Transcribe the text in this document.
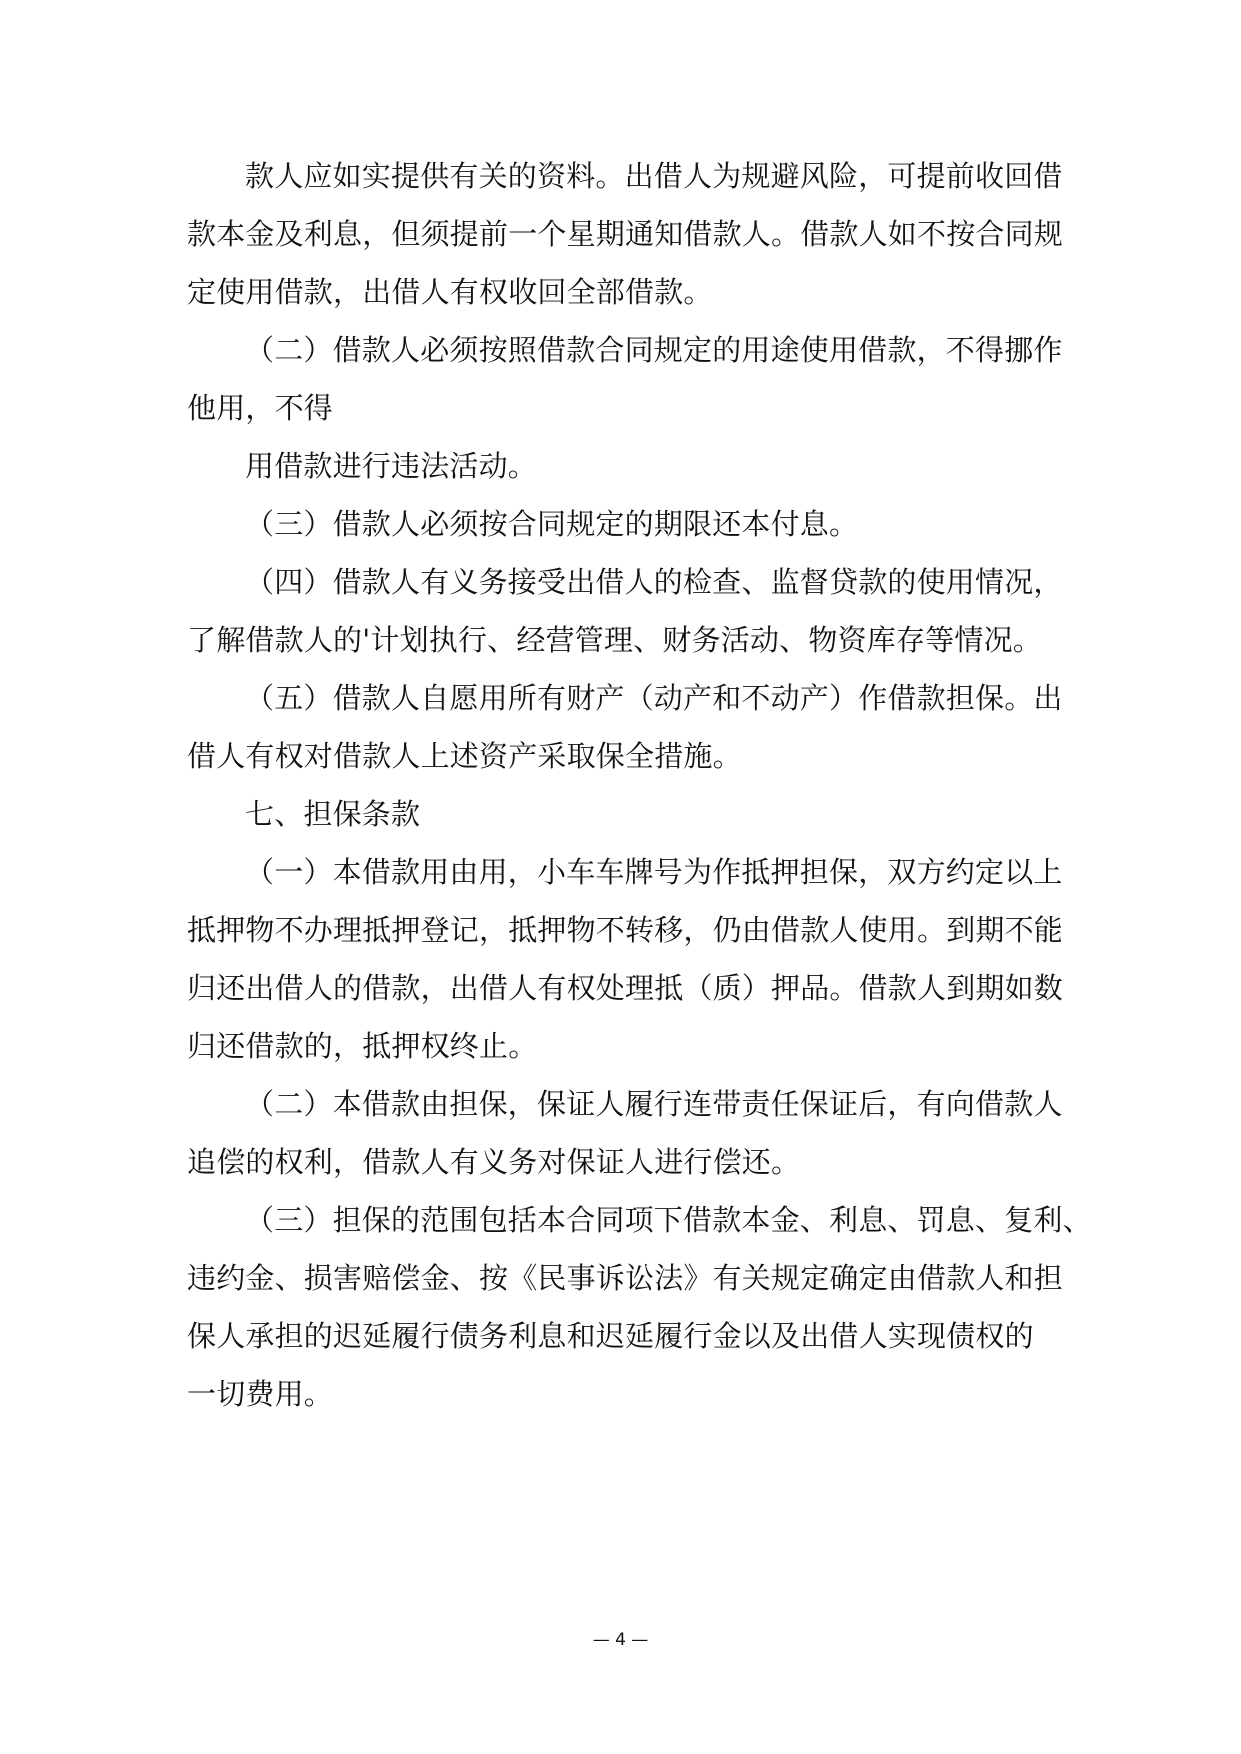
款人应如实提供有关的资料。出借人为规避风险，可提前收回借
款本金及利息，但须提前一个星期通知借款人。借款人如不按合同规
定使用借款，出借人有权收回全部借款。
（二）借款人必须按照借款合同规定的用途使用借款，不得挪作
他用，不得
用借款进行违法活动。
（三）借款人必须按合同规定的期限还本付息。
（四）借款人有义务接受出借人的检查、监督贷款的使用情况，
了解借款人的'计划执行、经营管理、财务活动、物资库存等情况。
（五）借款人自愿用所有财产（动产和不动产）作借款担保。出
借人有权对借款人上述资产采取保全措施。
七、担保条款
（一）本借款用由用，小车车牌号为作抵押担保，双方约定以上
抵押物不办理抵押登记，抵押物不转移，仍由借款人使用。到期不能
归还出借人的借款，出借人有权处理抵（质）押品。借款人到期如数
归还借款的，抵押权终止。
（二）本借款由担保，保证人履行连带责任保证后，有向借款人
追偿的权利，借款人有义务对保证人进行偿还。
（三）担保的范围包括本合同项下借款本金、利息、罚息、复利、
违约金、损害赔偿金、按《民事诉讼法》有关规定确定由借款人和担
保人承担的迟延履行债务利息和迟延履行金以及出借人实现债权的
一切费用。
— 4 —
